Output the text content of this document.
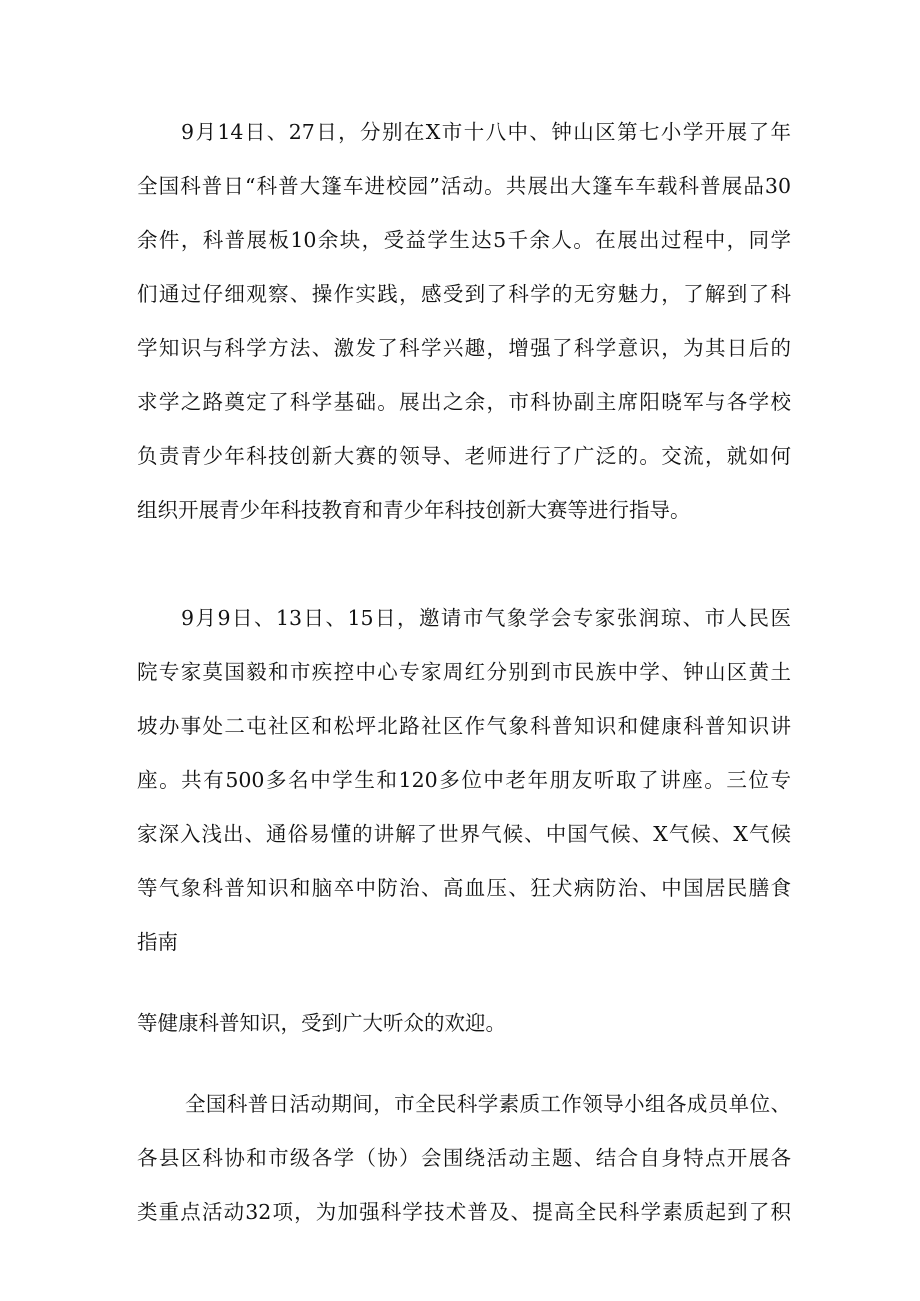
9月14日、27日，分别在X市十八中、钟山区第七小学开展了年
全国科普日“科普大篷车进校园”活动。共展出大篷车车载科普展品30
余件，科普展板10余块，受益学生达5千余人。在展出过程中，同学
们通过仔细观察、操作实践，感受到了科学的无穷魅力，了解到了科
学知识与科学方法、激发了科学兴趣，增强了科学意识，为其日后的
求学之路奠定了科学基础。展出之余，市科协副主席阳晓军与各学校
负责青少年科技创新大赛的领导、老师进行了广泛的。交流，就如何
组织开展青少年科技教育和青少年科技创新大赛等进行指导。
9月9日、13日、15日，邀请市气象学会专家张润琼、市人民医
院专家莫国毅和市疾控中心专家周红分别到市民族中学、钟山区黄土
坡办事处二屯社区和松坪北路社区作气象科普知识和健康科普知识讲
座。共有500多名中学生和120多位中老年朋友听取了讲座。三位专
家深入浅出、通俗易懂的讲解了世界气候、中国气候、X气候、X气候
等气象科普知识和脑卒中防治、高血压、狂犬病防治、中国居民膳食
指南
等健康科普知识，受到广大听众的欢迎。
全国科普日活动期间，市全民科学素质工作领导小组各成员单位、
各县区科协和市级各学（协）会围绕活动主题、结合自身特点开展各
类重点活动32项，为加强科学技术普及、提高全民科学素质起到了积
